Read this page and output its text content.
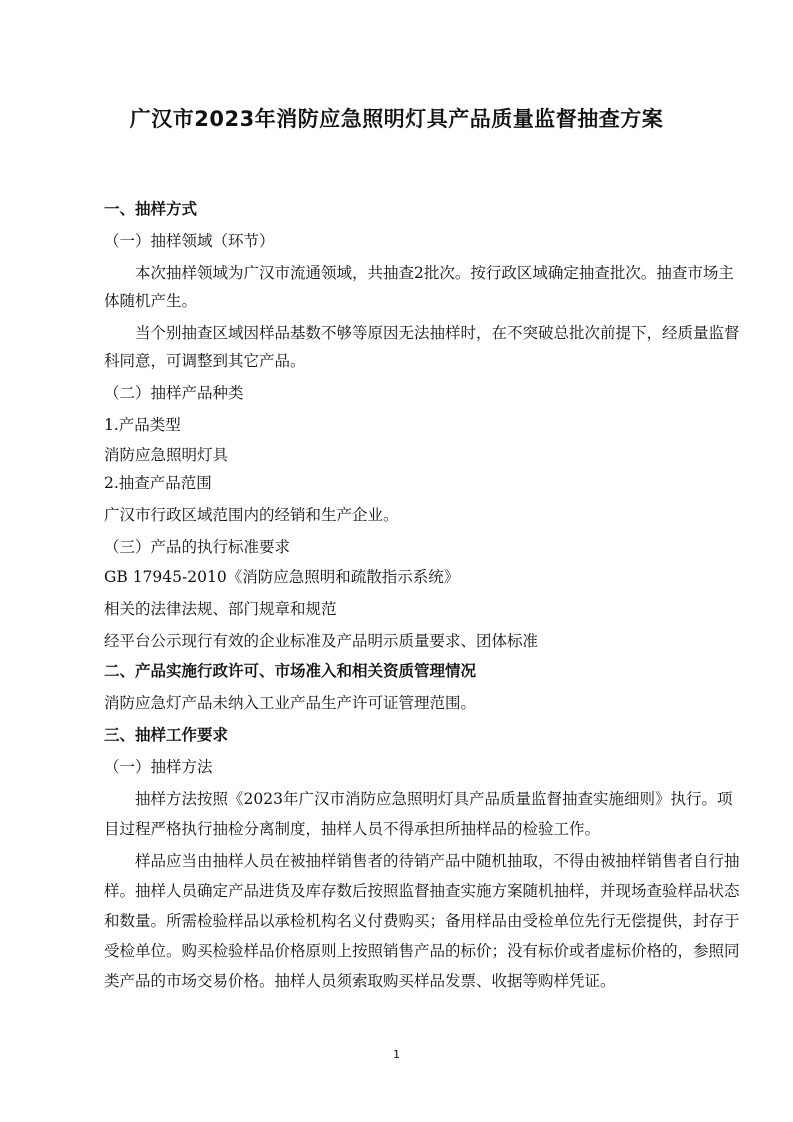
广汉市2023年消防应急照明灯具产品质量监督抽查方案
一、抽样方式
（一）抽样领域（环节）
本次抽样领域为广汉市流通领域，共抽查2批次。按行政区域确定抽查批次。抽查市场主
体随机产生。
当个别抽查区域因样品基数不够等原因无法抽样时，在不突破总批次前提下，经质量监督
科同意，可调整到其它产品。
（二）抽样产品种类
1.产品类型
消防应急照明灯具
2.抽查产品范围
广汉市行政区域范围内的经销和生产企业。
（三）产品的执行标准要求
GB 17945-2010《消防应急照明和疏散指示系统》
相关的法律法规、部门规章和规范
经平台公示现行有效的企业标准及产品明示质量要求、团体标准
二、产品实施行政许可、市场准入和相关资质管理情况
消防应急灯产品未纳入工业产品生产许可证管理范围。
三、抽样工作要求
（一）抽样方法
抽样方法按照《2023年广汉市消防应急照明灯具产品质量监督抽查实施细则》执行。项
目过程严格执行抽检分离制度，抽样人员不得承担所抽样品的检验工作。
样品应当由抽样人员在被抽样销售者的待销产品中随机抽取，不得由被抽样销售者自行抽
样。抽样人员确定产品进货及库存数后按照监督抽查实施方案随机抽样，并现场查验样品状态
和数量。所需检验样品以承检机构名义付费购买；备用样品由受检单位先行无偿提供，封存于
受检单位。购买检验样品价格原则上按照销售产品的标价；没有标价或者虚标价格的，参照同
类产品的市场交易价格。抽样人员须索取购买样品发票、收据等购样凭证。
1
